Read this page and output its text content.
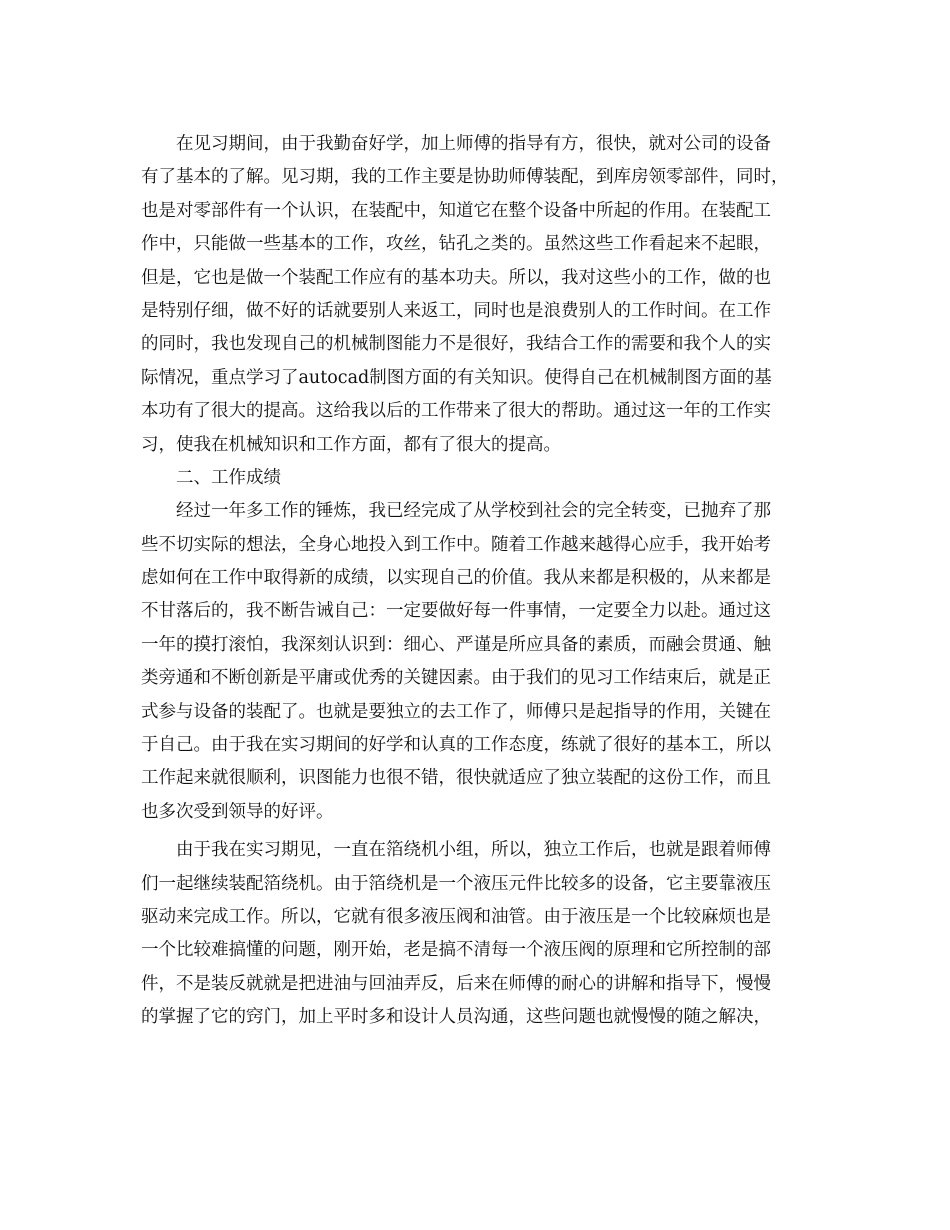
在见习期间，由于我勤奋好学，加上师傅的指导有方，很快，就对公司的设备

有了基本的了解。见习期，我的工作主要是协助师傅装配，到库房领零部件，同时，

也是对零部件有一个认识，在装配中，知道它在整个设备中所起的作用。在装配工

作中，只能做一些基本的工作，攻丝，钻孔之类的。虽然这些工作看起来不起眼，

但是，它也是做一个装配工作应有的基本功夫。所以，我对这些小的工作，做的也

是特别仔细，做不好的话就要别人来返工，同时也是浪费别人的工作时间。在工作

的同时，我也发现自己的机械制图能力不是很好，我结合工作的需要和我个人的实

际情况，重点学习了autocad制图方面的有关知识。使得自己在机械制图方面的基

本功有了很大的提高。这给我以后的工作带来了很大的帮助。通过这一年的工作实

习，使我在机械知识和工作方面，都有了很大的提高。

二、工作成绩

经过一年多工作的锤炼，我已经完成了从学校到社会的完全转变，已抛弃了那

些不切实际的想法，全身心地投入到工作中。随着工作越来越得心应手，我开始考

虑如何在工作中取得新的成绩，以实现自己的价值。我从来都是积极的，从来都是

不甘落后的，我不断告诫自己：一定要做好每一件事情，一定要全力以赴。通过这

一年的摸打滚怕，我深刻认识到：细心、严谨是所应具备的素质，而融会贯通、触

类旁通和不断创新是平庸或优秀的关键因素。由于我们的见习工作结束后，就是正

式参与设备的装配了。也就是要独立的去工作了，师傅只是起指导的作用，关键在

于自己。由于我在实习期间的好学和认真的工作态度，练就了很好的基本工，所以

工作起来就很顺利，识图能力也很不错，很快就适应了独立装配的这份工作，而且

也多次受到领导的好评。

由于我在实习期见，一直在箔绕机小组，所以，独立工作后，也就是跟着师傅

们一起继续装配箔绕机。由于箔绕机是一个液压元件比较多的设备，它主要靠液压

驱动来完成工作。所以，它就有很多液压阀和油管。由于液压是一个比较麻烦也是

一个比较难搞懂的问题，刚开始，老是搞不清每一个液压阀的原理和它所控制的部

件，不是装反就就是把进油与回油弄反，后来在师傅的耐心的讲解和指导下，慢慢

的掌握了它的窍门，加上平时多和设计人员沟通，这些问题也就慢慢的随之解决，
